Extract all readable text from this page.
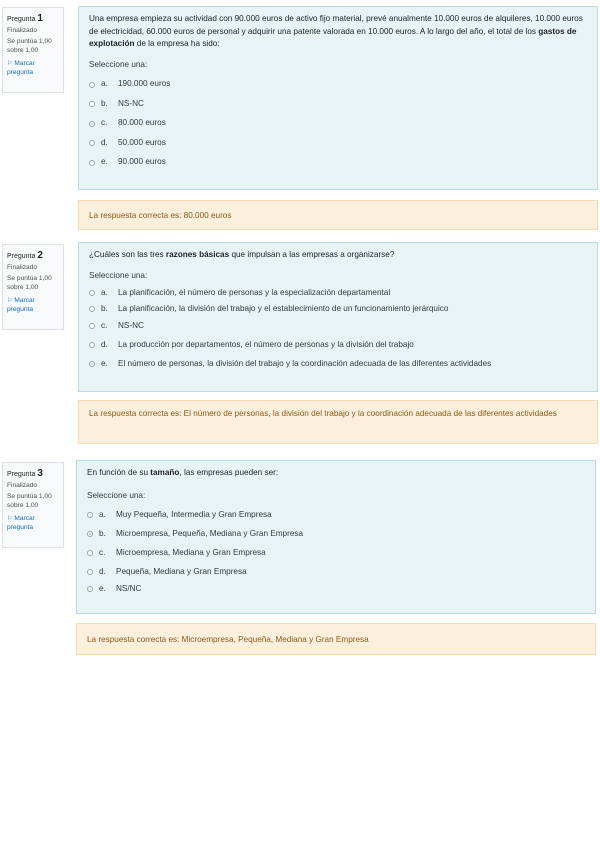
Pregunta 1
Finalizado
Se puntúa 1,00 sobre 1,00
⚐ Marcar pregunta
Una empresa empieza su actividad con 90.000 euros de activo fijo material, prevé anualmente 10.000 euros de alquileres, 10.000 euros de electricidad, 60.000 euros de personal y adquirir una patente valorada en 10.000 euros. A lo largo del año, el total de los gastos de explotación de la empresa ha sido:
Seleccione una:
a. 190.000 euros
b. NS-NC
c.	80.000 euros
d. 50.000 euros
e. 90.000 euros
La respuesta correcta es: 80.000 euros
Pregunta 2
Finalizado
Se puntúa 1,00 sobre 1,00
⚐ Marcar pregunta
¿Cuáles son las tres razones básicas que impulsan a las empresas a organizarse?
Seleccione una:
a. La planificación, el número de personas y la especialización departamental
b. La planificación, la división del trabajo y el establecimiento de un funcionamiento jerárquico
c.	NS-NC
d. La producción por departamentos, el número de personas y la división del trabajo
e. El número de personas, la división del trabajo y la coordinación adecuada de las diferentes actividades
La respuesta correcta es: El número de personas, la división del trabajo y la coordinación adecuada de las diferentes actividades
Pregunta 3
Finalizado
Se puntúa 1,00 sobre 1,00
⚐ Marcar pregunta
En función de su tamaño, las empresas pueden ser:
Seleccione una:
a. Muy Pequeña, Intermedia y Gran Empresa
b. Microempresa, Pequeña, Mediana y Gran Empresa
c.	Microempresa, Mediana y Gran Empresa
d. Pequeña, Mediana y Gran Empresa
e. NS/NC
La respuesta correcta es: Microempresa, Pequeña, Mediana y Gran Empresa
